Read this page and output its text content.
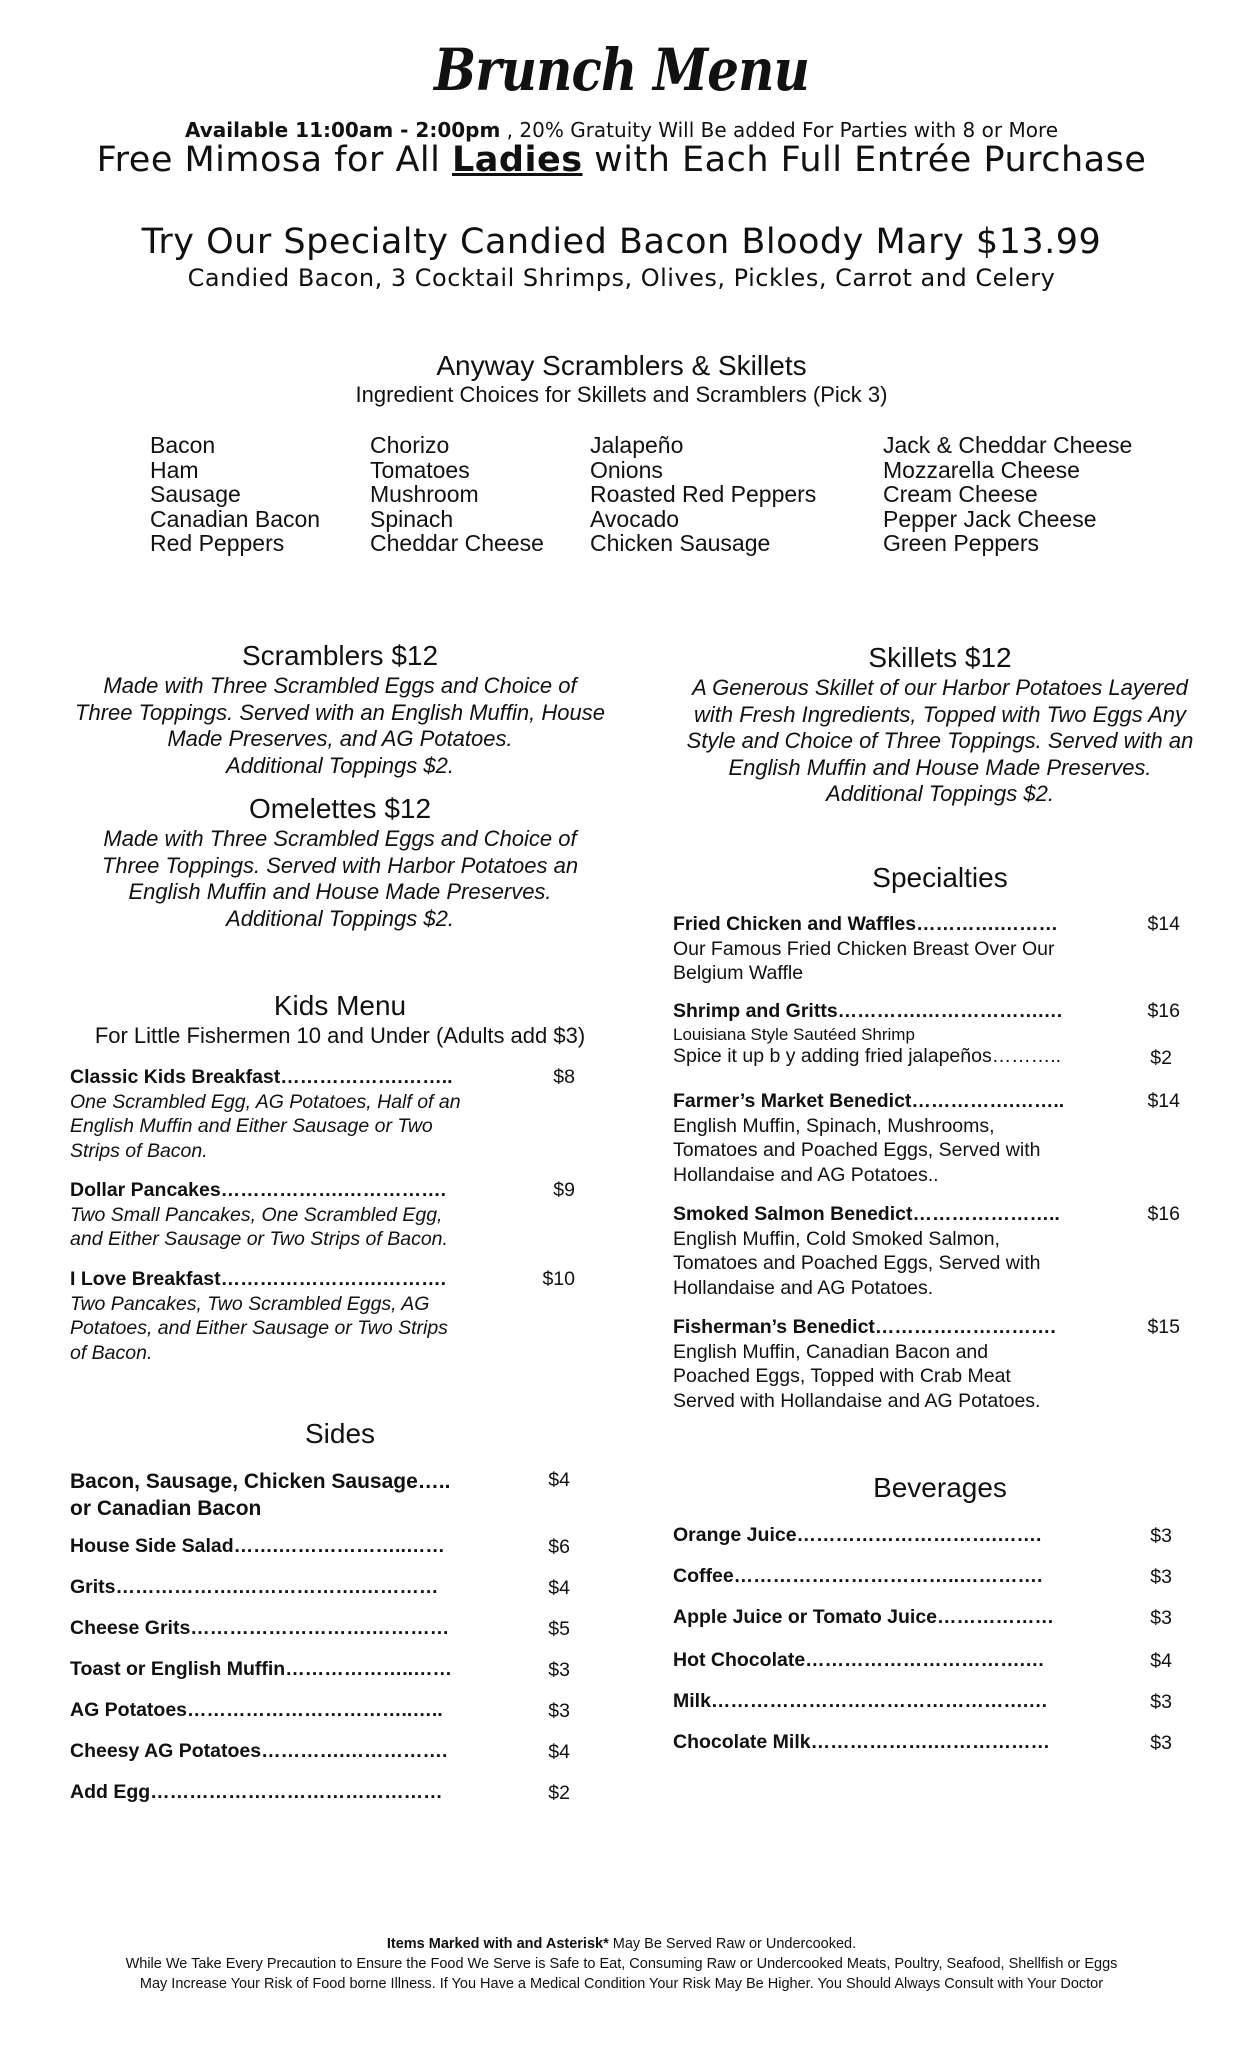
Brunch Menu
Available 11:00am - 2:00pm , 20% Gratuity Will Be added For Parties with 8 or More
Free Mimosa for All Ladies with Each Full Entrée Purchase
Try Our Specialty Candied Bacon Bloody Mary $13.99
Candied Bacon, 3 Cocktail Shrimps, Olives, Pickles, Carrot and Celery
Anyway Scramblers & Skillets
Ingredient Choices for Skillets and Scramblers (Pick 3)
Bacon
Ham
Sausage
Canadian Bacon
Red Peppers
Chorizo
Tomatoes
Mushroom
Spinach
Cheddar Cheese
Jalapeño
Onions
Roasted Red Peppers
Avocado
Chicken Sausage
Jack & Cheddar Cheese
Mozzarella Cheese
Cream Cheese
Pepper Jack Cheese
Green Peppers
Scramblers $12
Made with Three Scrambled Eggs and Choice of
Three Toppings. Served with an English Muffin, House
Made Preserves, and AG Potatoes.
Additional Toppings $2.
Omelettes $12
Made with Three Scrambled Eggs and Choice of
Three Toppings. Served with Harbor Potatoes an
English Muffin and House Made Preserves.
Additional Toppings $2.
Kids Menu
For Little Fishermen 10 and Under (Adults add $3)
Classic Kids Breakfast……………….……..
One Scrambled Egg, AG Potatoes, Half of an
English Muffin and Either Sausage or Two
Strips of Bacon.
$8
Dollar Pancakes……………….…………….
Two Small Pancakes, One Scrambled Egg,
and Either Sausage or Two Strips of Bacon.
$9
I Love Breakfast…………………….……….
Two Pancakes, Two Scrambled Eggs, AG
Potatoes, and Either Sausage or Two Strips
of Bacon.
$10
Sides
Bacon, Sausage, Chicken Sausage…..
or Canadian Bacon
$4
House Side Salad…….………………..……	$6
Grits……………….……………….…………	$4
Cheese Grits……………………….…………	$5
Toast or English Muffin………………..……	$3
AG Potatoes……………………………..…..	$3
Cheesy AG Potatoes………….…………….	$4
Add Egg………………………………………	$2
Skillets $12
A Generous Skillet of our Harbor Potatoes Layered
with Fresh Ingredients, Topped with Two Eggs Any
Style and Choice of Three Toppings. Served with an
English Muffin and House Made Preserves.
Additional Toppings $2.
Specialties
Fried Chicken and Waffles………….………
Our Famous Fried Chicken Breast Over Our
Belgium Waffle
$14
Shrimp and Gritts………….……………….…	$16
Louisiana Style Sautéed Shrimp
Spice it up b y adding fried jalapeños………..	$2
Farmer’s Market Benedict…………….……..
English Muffin, Spinach, Mushrooms,
Tomatoes and Poached Eggs, Served with
Hollandaise and AG Potatoes..
$14
Smoked Salmon Benedict…………………..
English Muffin, Cold Smoked Salmon,
Tomatoes and Poached Eggs, Served with
Hollandaise and AG Potatoes.
$16
Fisherman’s Benedict……………………….
English Muffin, Canadian Bacon and
Poached Eggs, Topped with Crab Meat
Served with Hollandaise and AG Potatoes.
$15
Beverages
Orange Juice………………………….…….	$3
Coffee……………………………..………….	$3
Apple Juice or Tomato Juice………………	$3
Hot Chocolate…………………………….…	$4
Milk………………………………………….…	$3
Chocolate Milk……………….………………	$3
Items Marked with and Asterisk* May Be Served Raw or Undercooked.
While We Take Every Precaution to Ensure the Food We Serve is Safe to Eat, Consuming Raw or Undercooked Meats, Poultry, Seafood, Shellfish or Eggs
May Increase Your Risk of Food borne Illness. If You Have a Medical Condition Your Risk May Be Higher. You Should Always Consult with Your Doctor
